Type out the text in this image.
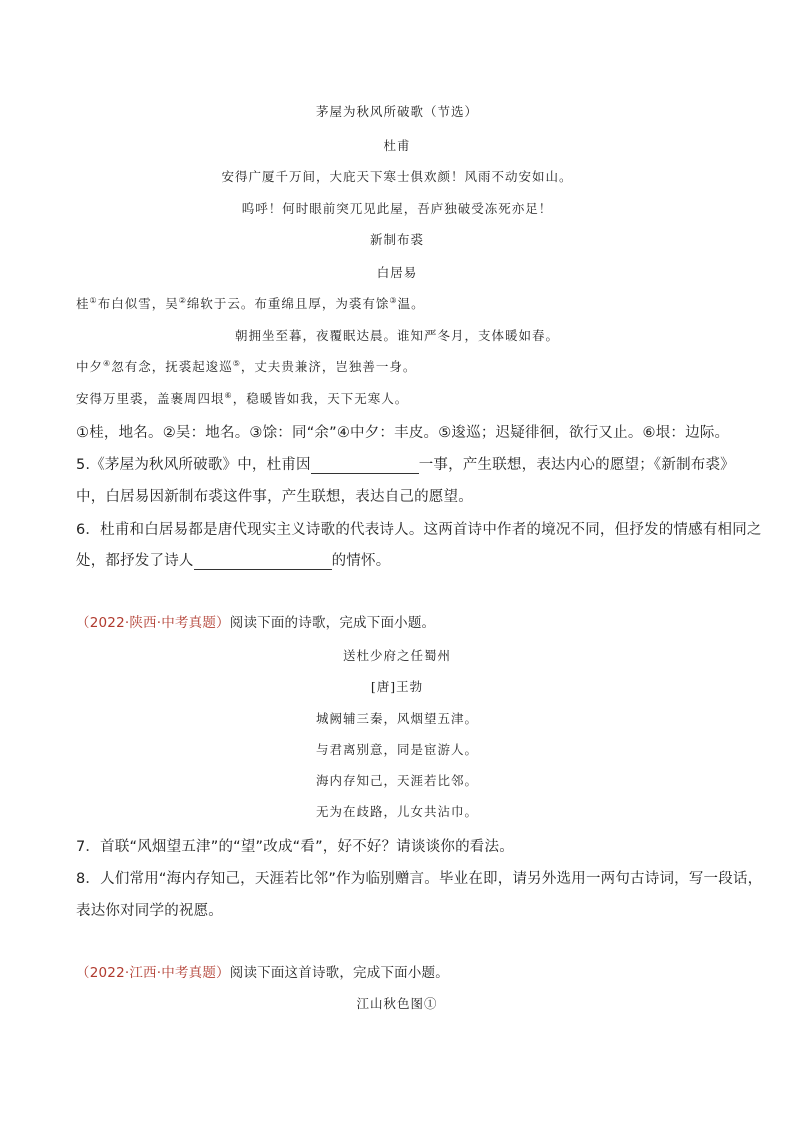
茅屋为秋风所破歌（节选）
杜甫
安得广厦千万间，大庇天下寒士俱欢颜！风雨不动安如山。
呜呼！何时眼前突兀见此屋，吾庐独破受冻死亦足！
新制布裘
白居易
桂①布白似雪，吴②绵软于云。布重绵且厚，为裘有馀③温。
朝拥坐至暮，夜覆眠达晨。谁知严冬月，支体暖如春。
中夕④忽有念，抚裘起逡巡⑤，丈夫贵兼济，岂独善一身。
安得万里裘，盖裹周四垠⑥，稳暖皆如我，天下无寒人。
①桂，地名。②吴：地名。③馀：同“余”④中夕：丰皮。⑤逡巡；迟疑徘徊，欲行又止。⑥垠：边际。
5.《茅屋为秋风所破歌》中，杜甫因	一事，产生联想，表达内心的愿望；《新制布裘》
中，白居易因新制布裘这件事，产生联想，表达自己的愿望。
6．杜甫和白居易都是唐代现实主义诗歌的代表诗人。这两首诗中作者的境况不同，但抒发的情感有相同之
处，都抒发了诗人	的情怀。
（2022·陕西·中考真题）阅读下面的诗歌，完成下面小题。
送杜少府之任蜀州
[唐]王勃
城阙辅三秦，风烟望五津。
与君离别意，同是宦游人。
海内存知己，天涯若比邻。
无为在歧路，儿女共沾巾。
7．首联“风烟望五津”的“望”改成“看”，好不好？请谈谈你的看法。
8．人们常用“海内存知己，天涯若比邻”作为临别赠言。毕业在即，请另外选用一两句古诗词，写一段话，
表达你对同学的祝愿。
（2022·江西·中考真题）阅读下面这首诗歌，完成下面小题。
江山秋色图①
